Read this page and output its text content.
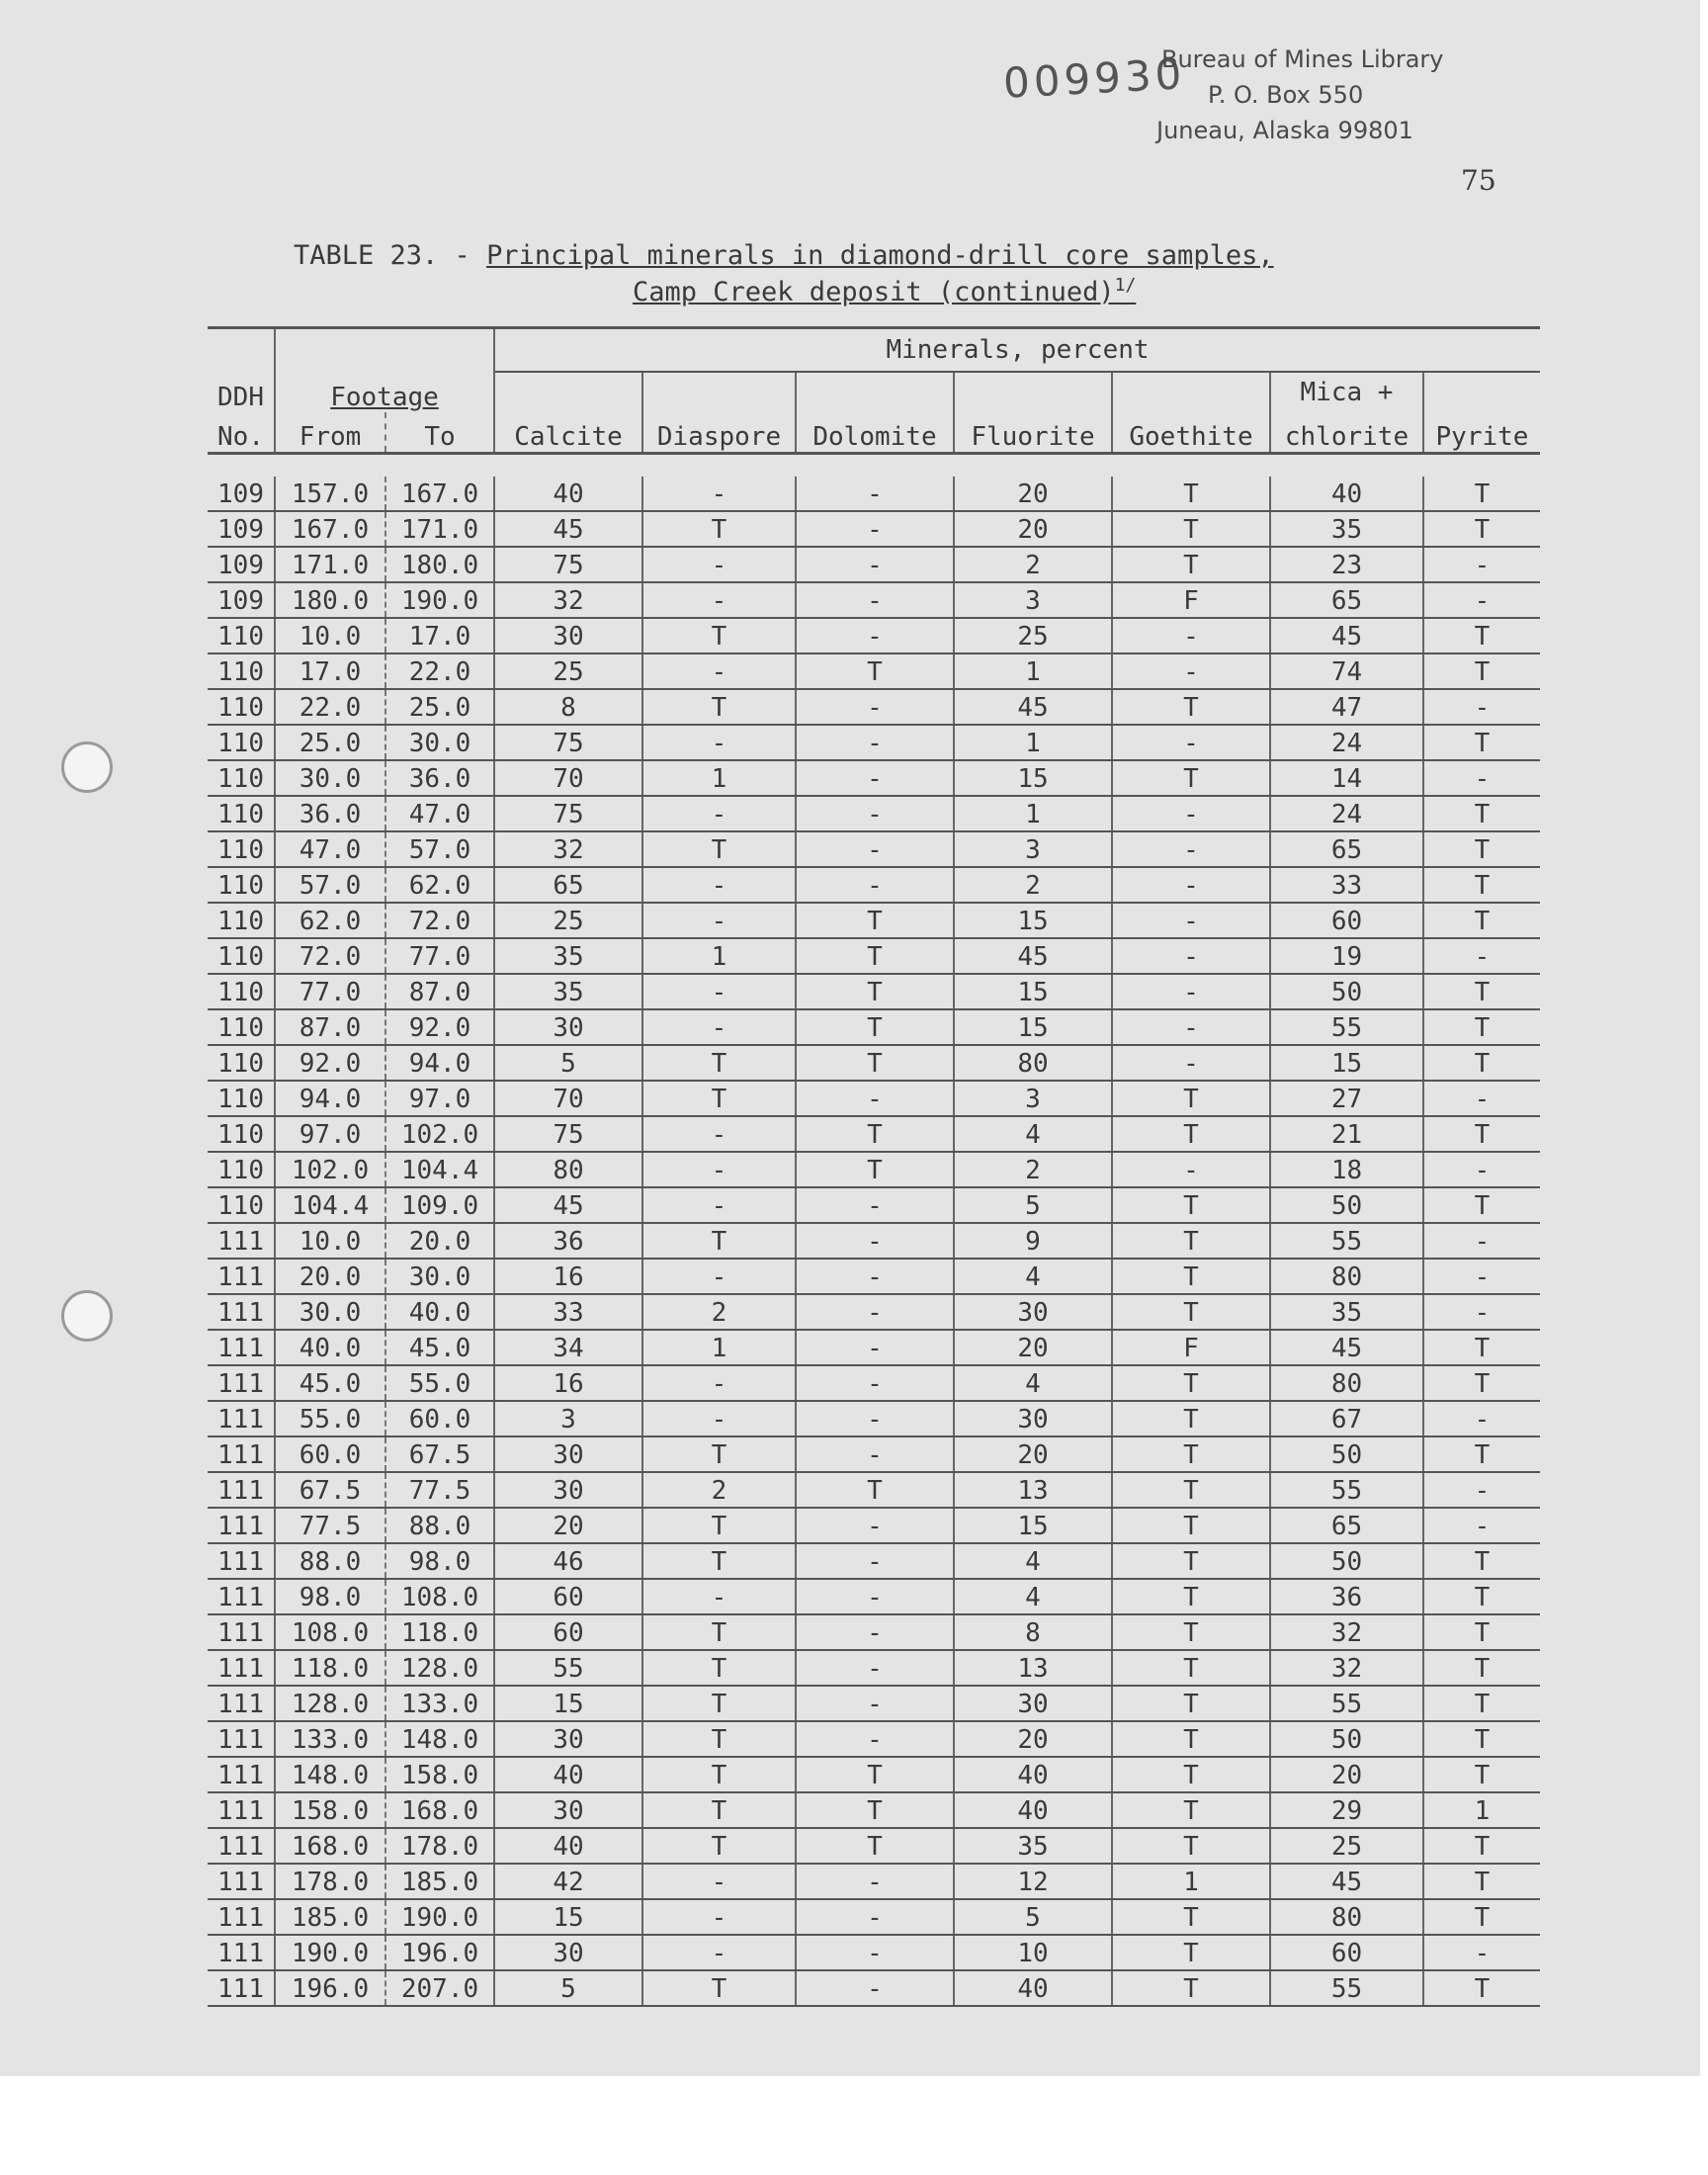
009930
Bureau of Mines Library
P. O. Box 550
Juneau, Alaska 99801
75
TABLE 23. - Principal minerals in diamond-drill core samples,
Camp Creek deposit (continued)$^{1/}$
DDH	Footage		Minerals, percent						
								Mica +	
No.	From	To	Calcite	Diaspore	Dolomite	Fluorite	Goethite	chlorite	Pyrite

109	157.0	167.0	40	-	-	20	T	40	T
109	167.0	171.0	45	T	-	20	T	35	T
109	171.0	180.0	75	-	-	2	T	23	-
109	180.0	190.0	32	-	-	3	F	65	-
110	10.0	17.0	30	T	-	25	-	45	T
110	17.0	22.0	25	-	T	1	-	74	T
110	22.0	25.0	8	T	-	45	T	47	-
110	25.0	30.0	75	-	-	1	-	24	T
110	30.0	36.0	70	1	-	15	T	14	-
110	36.0	47.0	75	-	-	1	-	24	T
110	47.0	57.0	32	T	-	3	-	65	T
110	57.0	62.0	65	-	-	2	-	33	T
110	62.0	72.0	25	-	T	15	-	60	T
110	72.0	77.0	35	1	T	45	-	19	-
110	77.0	87.0	35	-	T	15	-	50	T
110	87.0	92.0	30	-	T	15	-	55	T
110	92.0	94.0	5	T	T	80	-	15	T
110	94.0	97.0	70	T	-	3	T	27	-
110	97.0	102.0	75	-	T	4	T	21	T
110	102.0	104.4	80	-	T	2	-	18	-
110	104.4	109.0	45	-	-	5	T	50	T
111	10.0	20.0	36	T	-	9	T	55	-
111	20.0	30.0	16	-	-	4	T	80	-
111	30.0	40.0	33	2	-	30	T	35	-
111	40.0	45.0	34	1	-	20	F	45	T
111	45.0	55.0	16	-	-	4	T	80	T
111	55.0	60.0	3	-	-	30	T	67	-
111	60.0	67.5	30	T	-	20	T	50	T
111	67.5	77.5	30	2	T	13	T	55	-
111	77.5	88.0	20	T	-	15	T	65	-
111	88.0	98.0	46	T	-	4	T	50	T
111	98.0	108.0	60	-	-	4	T	36	T
111	108.0	118.0	60	T	-	8	T	32	T
111	118.0	128.0	55	T	-	13	T	32	T
111	128.0	133.0	15	T	-	30	T	55	T
111	133.0	148.0	30	T	-	20	T	50	T
111	148.0	158.0	40	T	T	40	T	20	T
111	158.0	168.0	30	T	T	40	T	29	1
111	168.0	178.0	40	T	T	35	T	25	T
111	178.0	185.0	42	-	-	12	1	45	T
111	185.0	190.0	15	-	-	5	T	80	T
111	190.0	196.0	30	-	-	10	T	60	-
111	196.0	207.0	5	T	-	40	T	55	T
